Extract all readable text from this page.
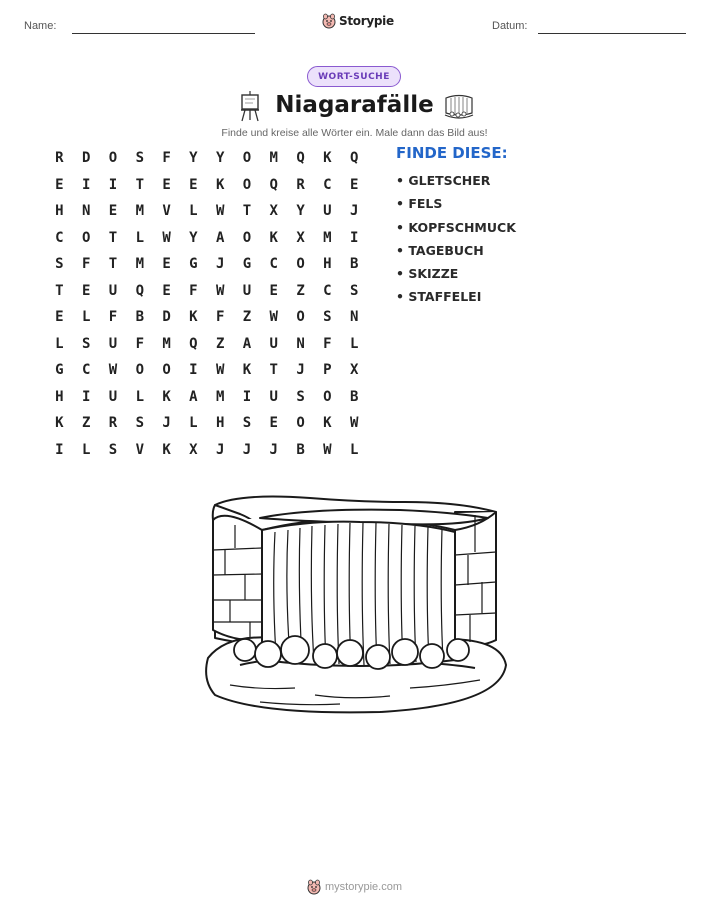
Name:	Storypie	Datum:
WORT-SUCHE
Niagarafälle
Finde und kreise alle Wörter ein. Male dann das Bild aus!
R	D	O	S	F	Y	Y	O	M	Q	K	Q
E	I	I	T	E	E	K	O	Q	R	C	E
H	N	E	M	V	L	W	T	X	Y	U	J
C	O	T	L	W	Y	A	O	K	X	M	I
S	F	T	M	E	G	J	G	C	O	H	B
T	E	U	Q	E	F	W	U	E	Z	C	S
E	L	F	B	D	K	F	Z	W	O	S	N
L	S	U	F	M	Q	Z	A	U	N	F	L
G	C	W	O	O	I	W	K	T	J	P	X
H	I	U	L	K	A	M	I	U	S	O	B
K	Z	R	S	J	L	H	S	E	O	K	W
I	L	S	V	K	X	J	J	J	B	W	L
FINDE DIESE:
• GLETSCHER
• FELS
• KOPFSCHMUCK
• TAGEBUCH
• SKIZZE
• STAFFELEI
mystorypie.com
